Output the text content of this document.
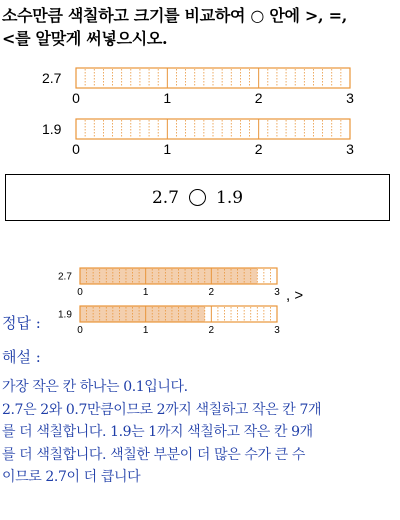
소수만큼 색칠하고 크기를 비교하여 ○ 안에 >, =,
<를 알맞게 써넣으시오.
2.7
0	1	2	3
1.9
0	1	2	3
2.7 1.9
정답 :
2.7
0	1	2	3
1.9
0	1	2	3
, >
해설 :
가장 작은 칸 하나는 0.1입니다.
2.7은 2와 0.7만큼이므로 2까지 색칠하고 작은 칸 7개
를 더 색칠합니다. 1.9는 1까지 색칠하고 작은 칸 9개
를 더 색칠합니다. 색칠한 부분이 더 많은 수가 큰 수
이므로 2.7이 더 큽니다
